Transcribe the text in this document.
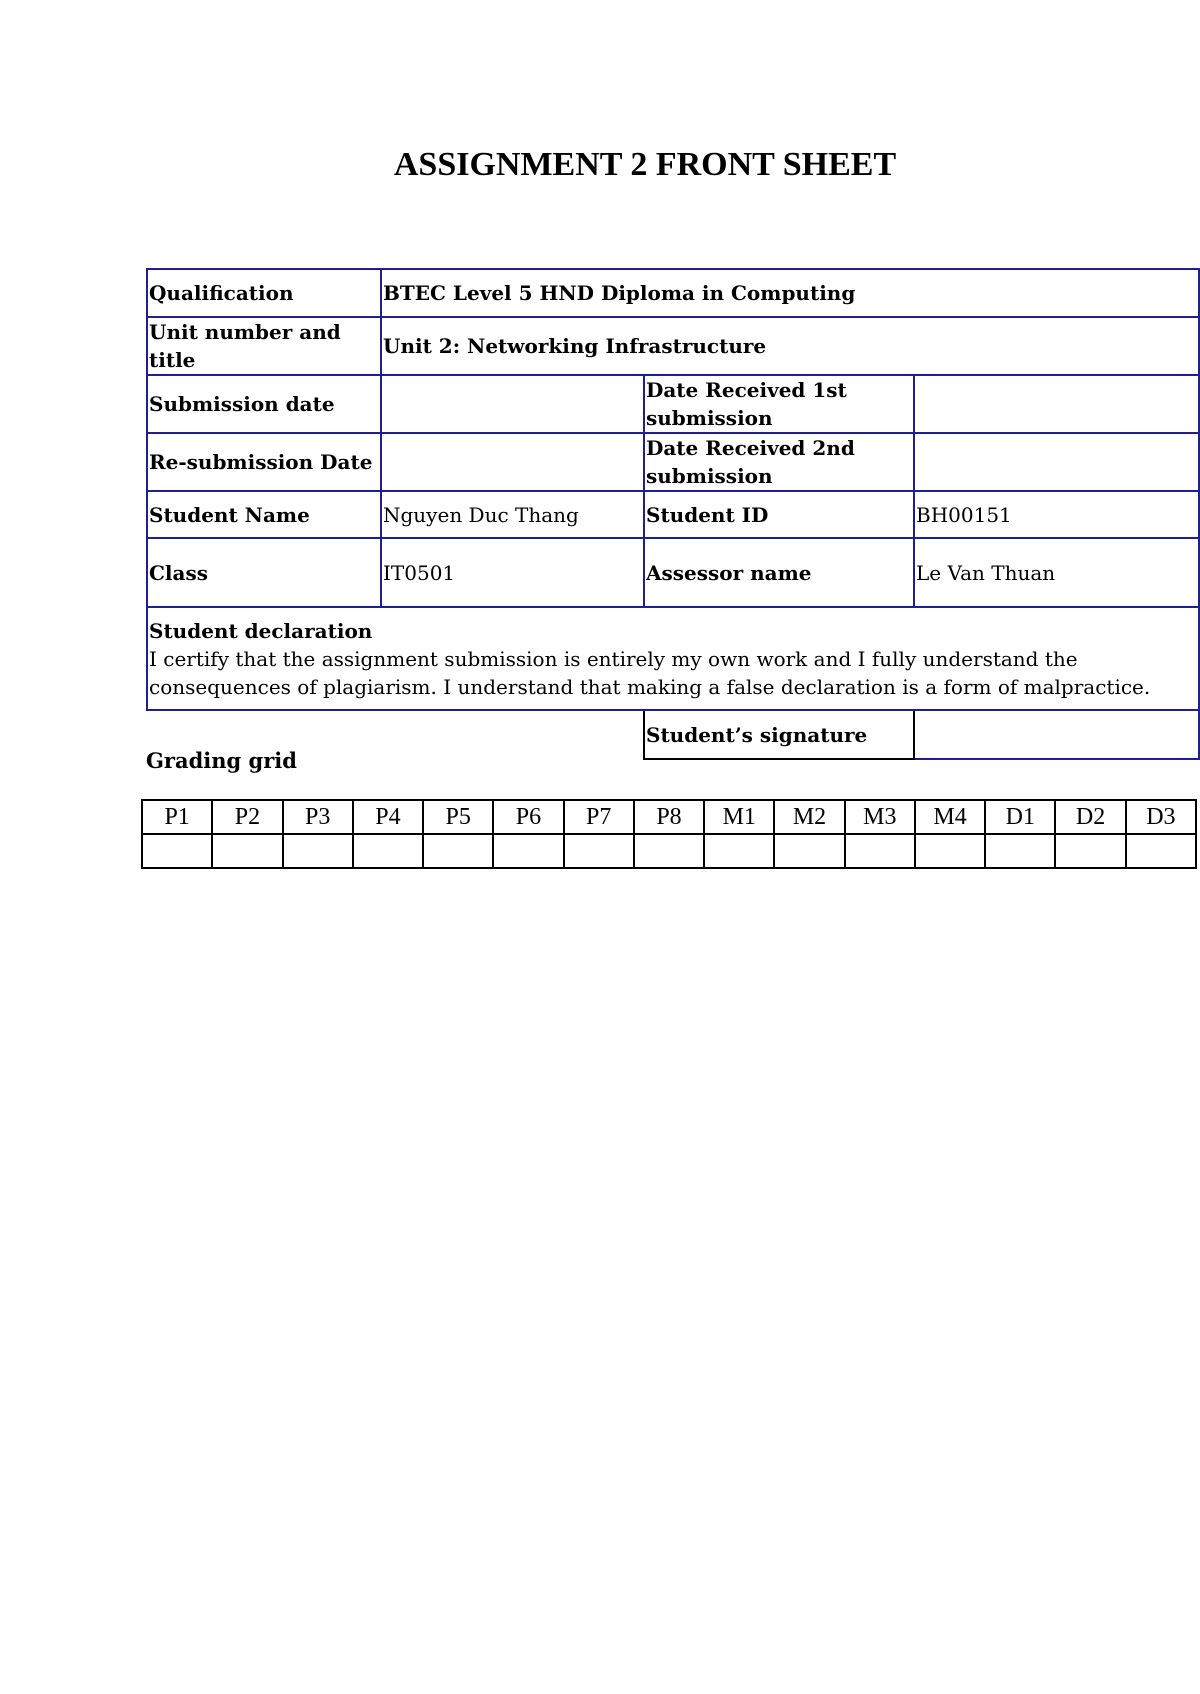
ASSIGNMENT 2 FRONT SHEET
Qualification	BTEC Level 5 HND Diploma in Computing		
Unit number and title	Unit 2: Networking Infrastructure		
Submission date		Date Received 1st submission	
Re-submission Date		Date Received 2nd submission	
Student Name	Nguyen Duc Thang	Student ID	BH00151
Class	IT0501	Assessor name	Le Van Thuan

Student declaration
I certify that the assignment submission is entirely my own work and I fully understand the consequences of plagiarism. I understand that making a false declaration is a form of malpractice.			
		Student’s signature	
Grading grid
P1	P2	P3	P4	P5	P6	P7	P8	M1	M2	M3	M4	D1	D2	D3
